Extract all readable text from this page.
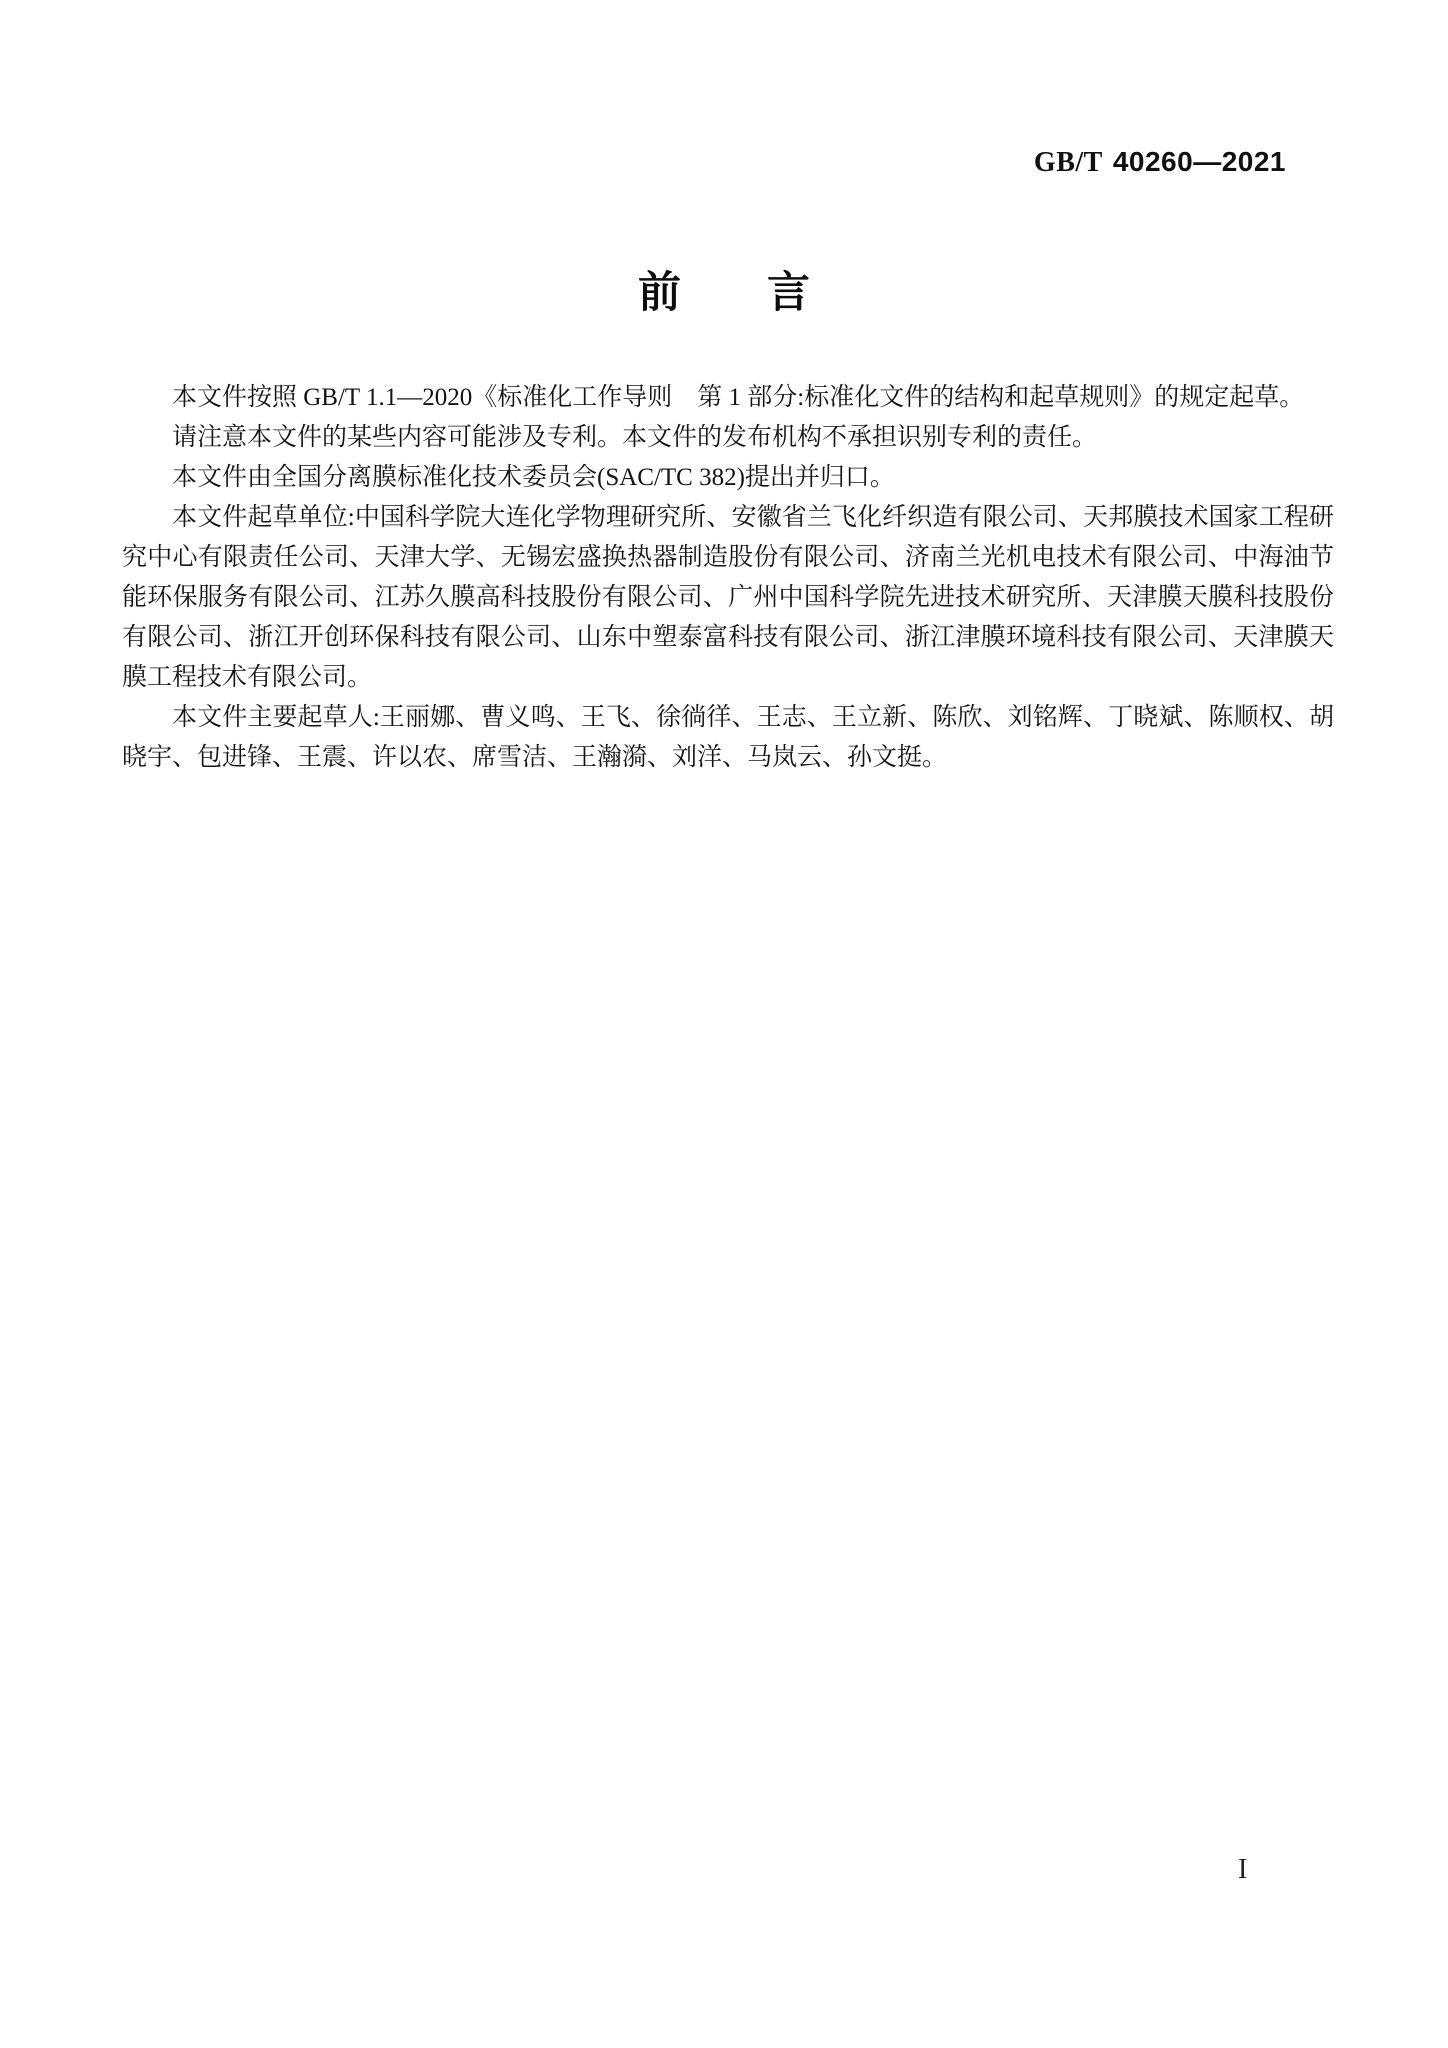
GB/T 40260—2021
前　　言

本文件按照 GB/T 1.1—2020《标准化工作导则　第 1 部分:标准化文件的结构和起草规则》的规定起草。

请注意本文件的某些内容可能涉及专利。本文件的发布机构不承担识别专利的责任。

本文件由全国分离膜标准化技术委员会(SAC/TC 382)提出并归口。

本文件起草单位:中国科学院大连化学物理研究所、安徽省兰飞化纤织造有限公司、天邦膜技术国家工程研究中心有限责任公司、天津大学、无锡宏盛换热器制造股份有限公司、济南兰光机电技术有限公司、中海油节能环保服务有限公司、江苏久膜高科技股份有限公司、广州中国科学院先进技术研究所、天津膜天膜科技股份有限公司、浙江开创环保科技有限公司、山东中塑泰富科技有限公司、浙江津膜环境科技有限公司、天津膜天膜工程技术有限公司。

本文件主要起草人:王丽娜、曹义鸣、王飞、徐徜徉、王志、王立新、陈欣、刘铭辉、丁晓斌、陈顺权、胡晓宇、包进锋、王震、许以农、席雪洁、王瀚漪、刘洋、马岚云、孙文挺。

I
